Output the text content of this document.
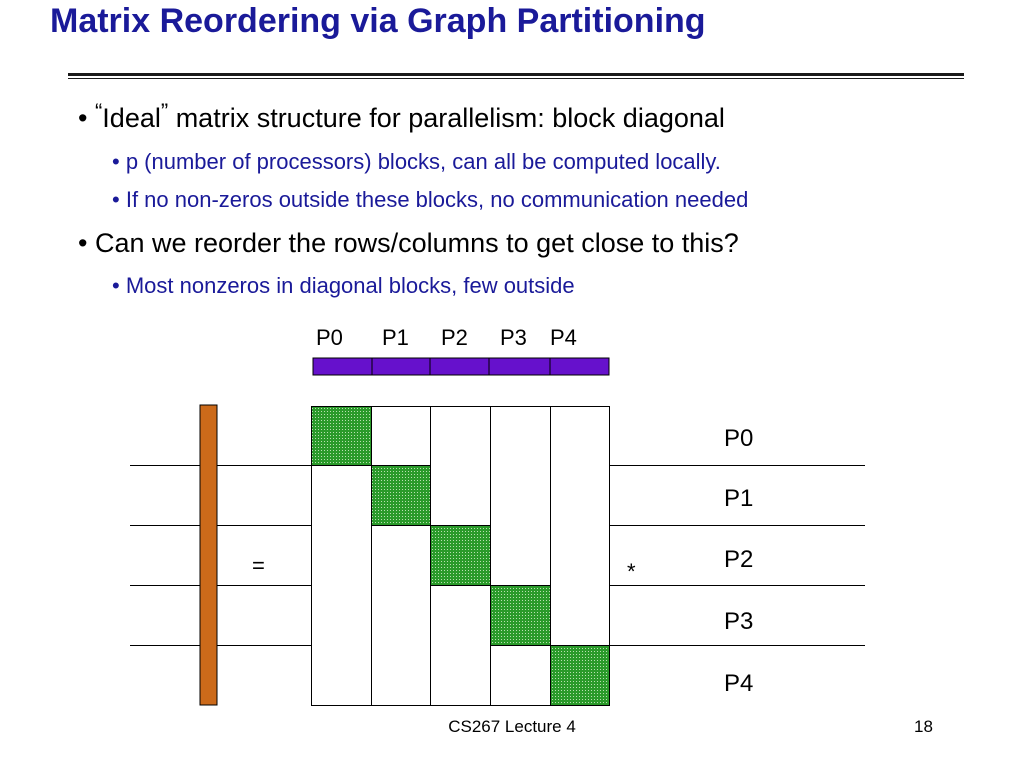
Matrix Reordering via Graph Partitioning
• “Ideal” matrix structure for parallelism: block diagonal
• p (number of processors) blocks, can all be computed locally.
• If no non-zeros outside these blocks, no communication needed
• Can we reorder the rows/columns to get close to this?
• Most nonzeros in diagonal blocks, few outside
P0 P1 P2 P3 P4
=	*
P0
P1
P2
P3
P4
CS267 Lecture 4	18
